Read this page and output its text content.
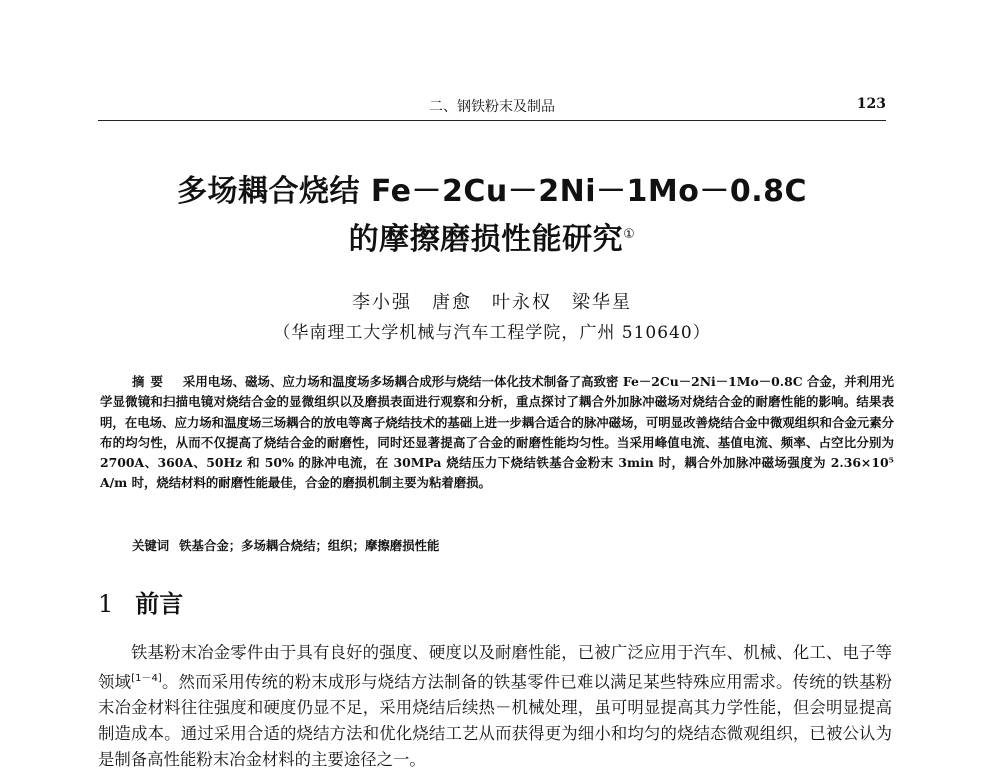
二、钢铁粉末及制品	123
多场耦合烧结 Fe－2Cu－2Ni－1Mo－0.8C
的摩擦磨损性能研究①
李小强　唐愈　叶永权　梁华星
（华南理工大学机械与汽车工程学院，广州 510640）
摘要 采用电场、磁场、应力场和温度场多场耦合成形与烧结一体化技术制备了高致密 Fe－2Cu－2Ni－1Mo－0.8C 合金，并利用光学显微镜和扫描电镜对烧结合金的显微组织以及磨损表面进行观察和分析，重点探讨了耦合外加脉冲磁场对烧结合金的耐磨性能的影响。结果表明，在电场、应力场和温度场三场耦合的放电等离子烧结技术的基础上进一步耦合适合的脉冲磁场，可明显改善烧结合金中微观组织和合金元素分布的均匀性，从而不仅提高了烧结合金的耐磨性，同时还显著提高了合金的耐磨性能均匀性。当采用峰值电流、基值电流、频率、占空比分别为 2700A、360A、50Hz 和 50% 的脉冲电流，在 30MPa 烧结压力下烧结铁基合金粉末 3min 时，耦合外加脉冲磁场强度为 2.36×10⁵ A/m 时，烧结材料的耐磨性能最佳，合金的磨损机制主要为粘着磨损。
关键词 铁基合金；多场耦合烧结；组织；摩擦磨损性能
1 前言
铁基粉末冶金零件由于具有良好的强度、硬度以及耐磨性能，已被广泛应用于汽车、机械、化工、电子等领域[1－4]。然而采用传统的粉末成形与烧结方法制备的铁基零件已难以满足某些特殊应用需求。传统的铁基粉末冶金材料往往强度和硬度仍显不足，采用烧结后续热－机械处理，虽可明显提高其力学性能，但会明显提高制造成本。通过采用合适的烧结方法和优化烧结工艺从而获得更为细小和均匀的烧结态微观组织，已被公认为是制备高性能粉末冶金材料的主要途径之一。
